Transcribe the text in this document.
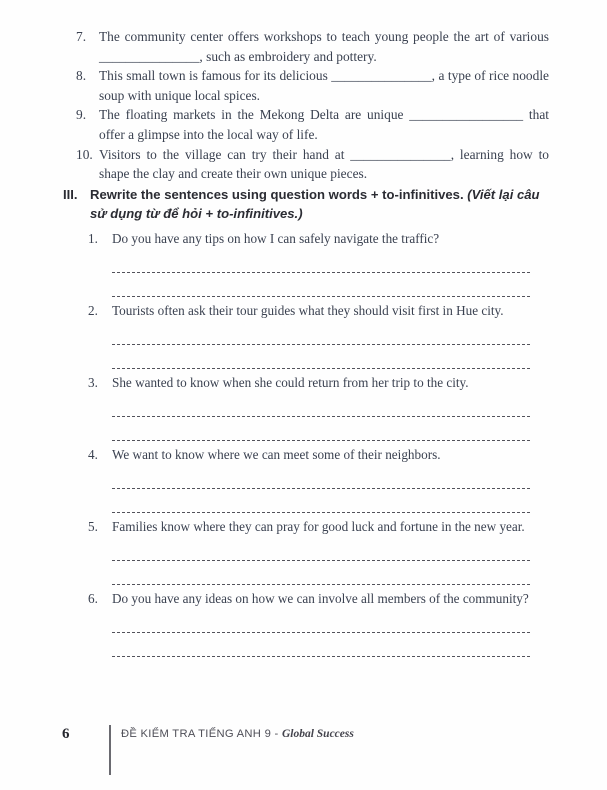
7. The community center offers workshops to teach young people the art of various _______________, such as embroidery and pottery.
8. This small town is famous for its delicious _______________, a type of rice noodle soup with unique local spices.
9. The floating markets in the Mekong Delta are unique _________________ that offer a glimpse into the local way of life.
10. Visitors to the village can try their hand at _______________, learning how to shape the clay and create their own unique pieces.
III. Rewrite the sentences using question words + to-infinitives. (Viết lại câu sử dụng từ để hỏi + to-infinitives.)
1.	Do you have any tips on how I can safely navigate the traffic?
2.	Tourists often ask their tour guides what they should visit first in Hue city.
3.	She wanted to know when she could return from her trip to the city.
4.	We want to know where we can meet some of their neighbors.
5.	Families know where they can pray for good luck and fortune in the new year.
6.	Do you have any ideas on how we can involve all members of the community?
6	ĐỀ KIỂM TRA TIẾNG ANH 9 - Global Success
